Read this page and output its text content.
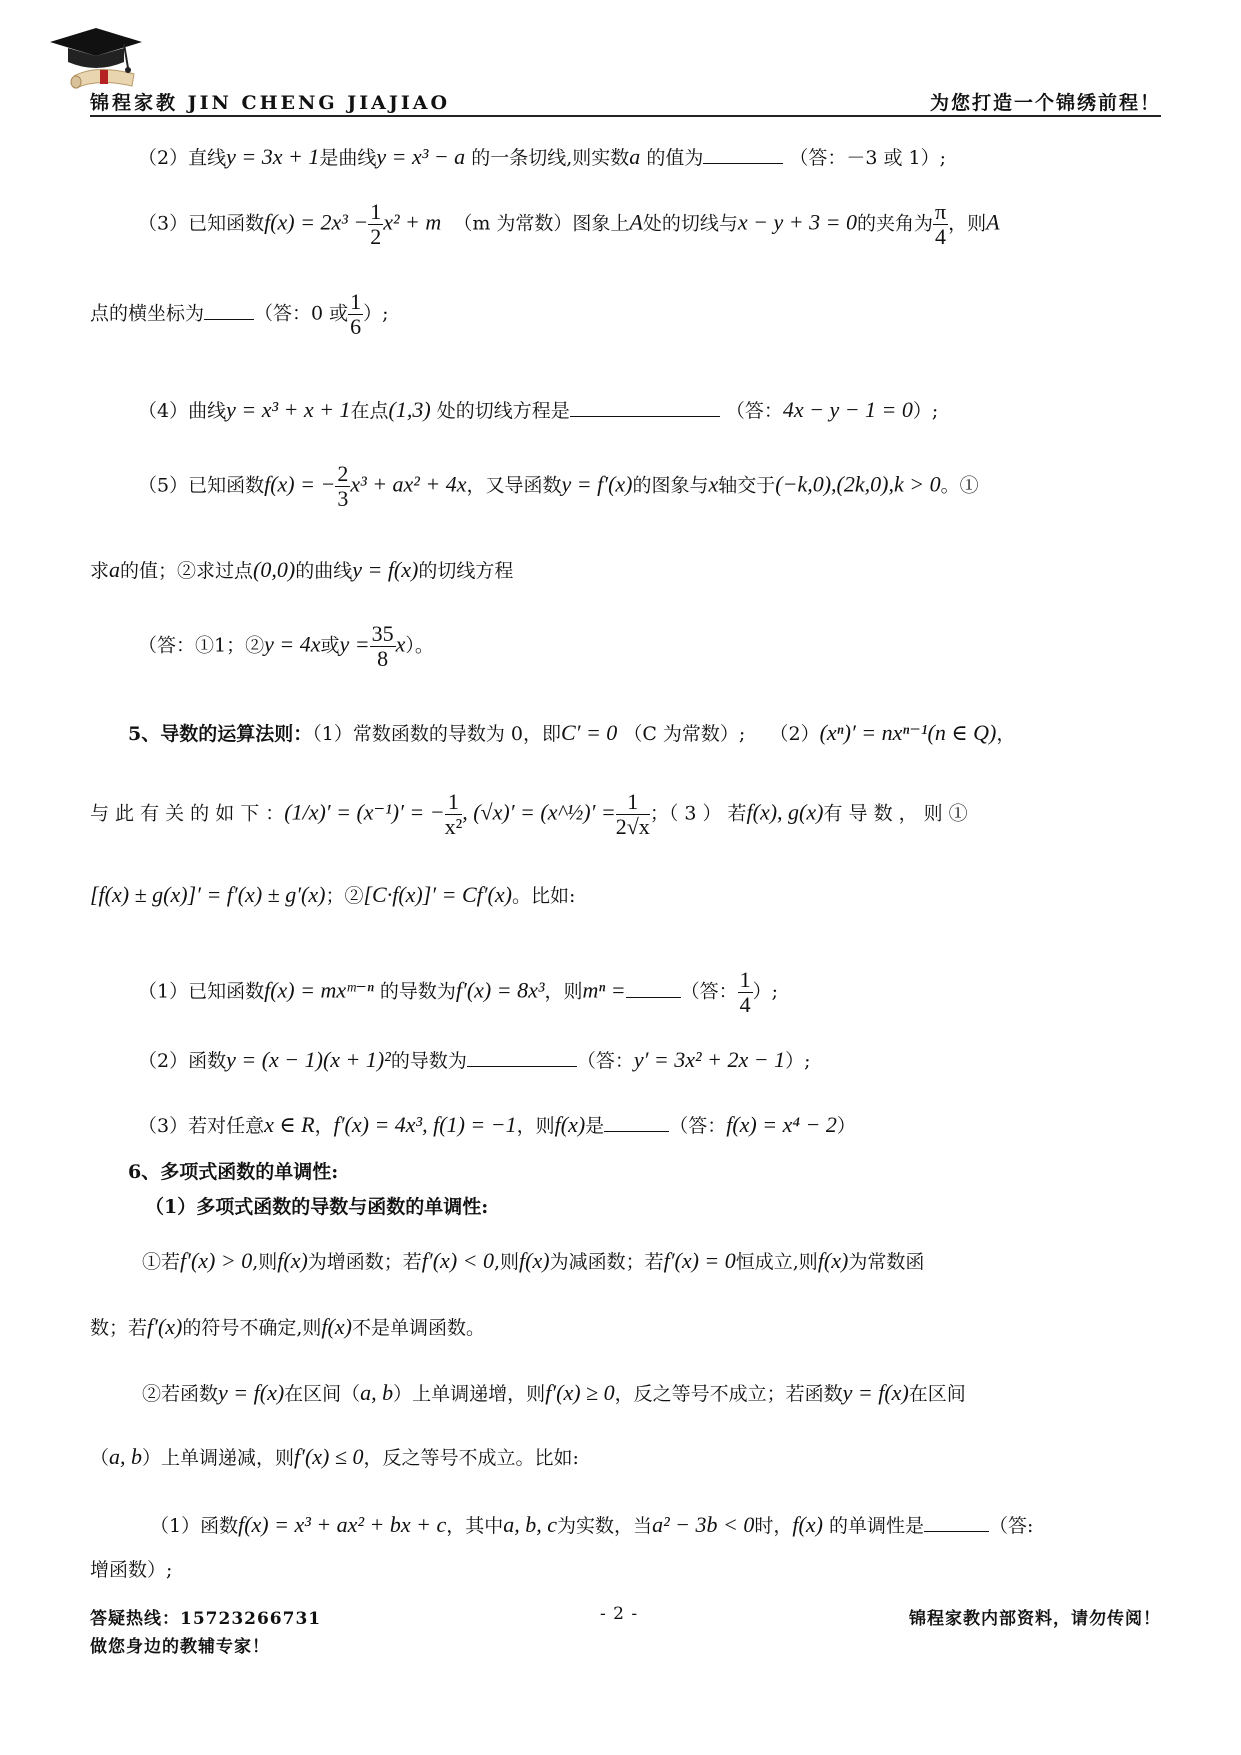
锦程家教 JIN CHENG JIAJIAO	为您打造一个锦绣前程！
（2）直线y = 3x + 1是曲线y = x³ − a 的一条切线,则实数a 的值为	（答：－3 或 1）;
（3）已知函数$f(x) = 2x^3 - \frac{1}{2} x^2 + m$ （m 为常数）图象上A处的切线与x − y + 3 = 0的夹角为 $\frac{\pi}{4}$ ，则A
点的横坐标为	（答：0 或 $\frac{1}{6}$ ）;
（4）曲线y = x³ + x + 1在点(1,3) 处的切线方程是	（答：4x − y − 1 = 0）;
（5）已知函数f(x) = − $\frac{2}{3} x^3 + ax^2 + 4x$，又导函数y = f′(x)的图象与x轴交于(−k,0),(2k,0),k > 0。①
求a的值；②求过点(0,0)的曲线y = f(x)的切线方程
（答：①1；②y = 4x或$y = \frac{35}{8} x$）。
5、导数的运算法则：（1）常数函数的导数为 0，即C′ = 0 （C 为常数）; （2）(xⁿ)′ = nxⁿ⁻¹(n ∈ Q)，
与 此 有 关 的 如 下 ：(1/x)′ = (x⁻¹)′ = − $\frac{1}{\text{x²}}$ , (√x)′ = (x^½)′ = $\frac{1}{2√x}$ ；（ 3 ） 若f(x), g(x)有 导 数 ， 则 ①
[f(x) ± g(x)]′ = f′(x) ± g′(x)；②[C·f(x)]′ = Cf′(x)。比如:
（1）已知函数f(x) = mxᵐ⁻ⁿ 的导数为f′(x) = 8x³，则mⁿ =	（答： $\frac{1}{4}$ ）;
（2）函数y = (x − 1)(x + 1)²的导数为	（答：y′ = 3x² + 2x − 1）;
（3）若对任意x ∈ R，f′(x) = 4x³, f(1) = −1，则f(x)是	（答：f(x) = x⁴ − 2）
6、多项式函数的单调性:
（1）多项式函数的导数与函数的单调性:
①若f′(x) > 0,则f(x)为增函数；若f′(x) < 0,则f(x)为减函数；若f′(x) = 0恒成立,则f(x)为常数函
数；若f′(x)的符号不确定,则f(x)不是单调函数。
②若函数y = f(x)在区间（a, b）上单调递增，则f′(x) ≥ 0，反之等号不成立；若函数y = f(x)在区间
（a, b）上单调递减，则f′(x) ≤ 0，反之等号不成立。比如:
（1）函数f(x) = x³ + ax² + bx + c，其中a, b, c为实数，当a² − 3b < 0时，f(x) 的单调性是	（答:
增函数）;
答疑热线：15723266731	- 2 -	锦程家教内部资料，请勿传阅！
做您身边的教辅专家！
